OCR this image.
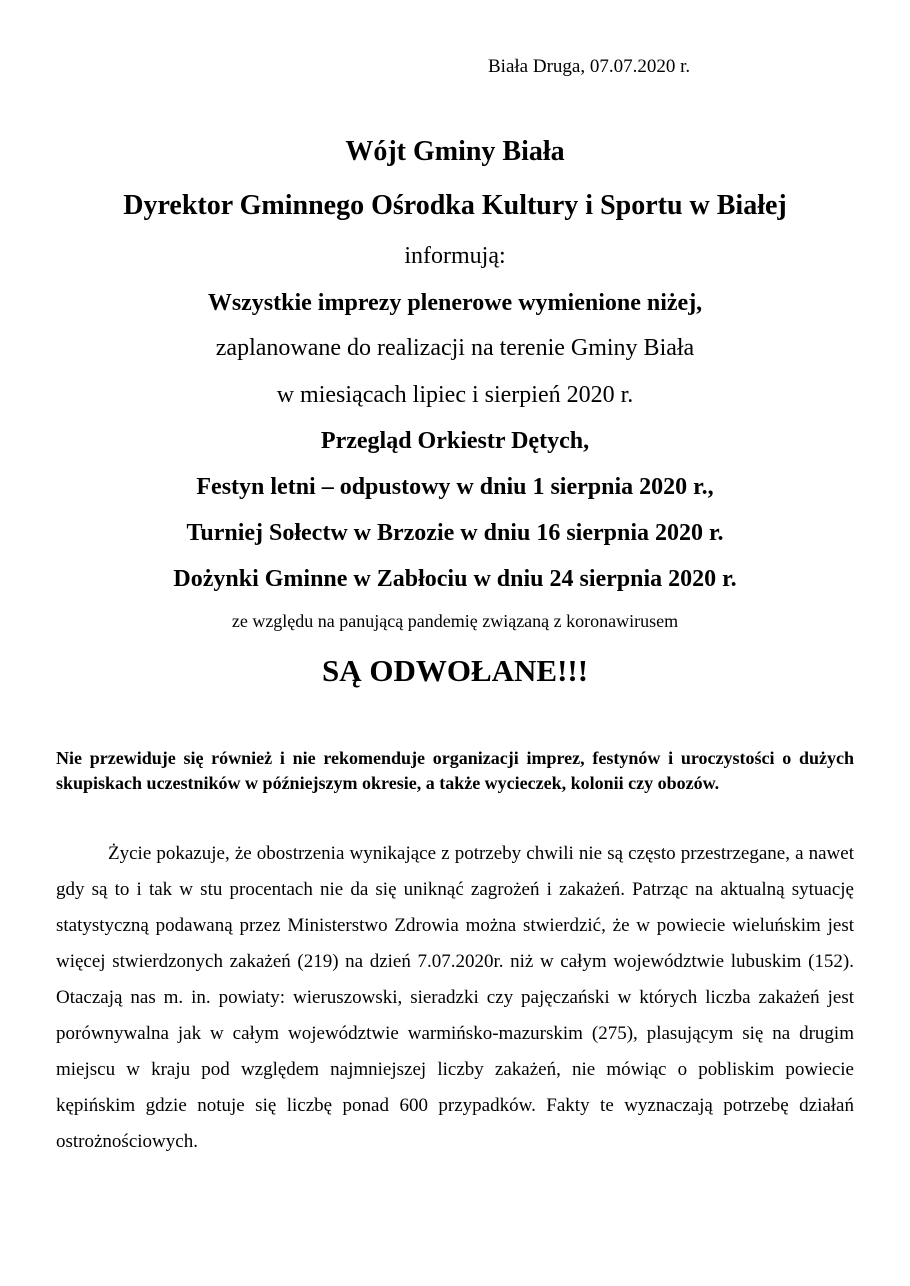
Biała Druga, 07.07.2020 r.
Wójt Gminy Biała
Dyrektor Gminnego Ośrodka Kultury i Sportu w Białej
informują:
Wszystkie imprezy plenerowe wymienione niżej,
zaplanowane do realizacji na terenie Gminy Biała
w miesiącach lipiec i sierpień 2020 r.
Przegląd Orkiestr Dętych,
Festyn letni – odpustowy w dniu 1 sierpnia 2020 r.,
Turniej Sołectw w Brzozie w dniu 16 sierpnia 2020 r.
Dożynki Gminne w Zabłociu w dniu 24 sierpnia 2020 r.
ze względu na panującą pandemię związaną z koronawirusem
SĄ ODWOŁANE!!!
Nie przewiduje się również i nie rekomenduje organizacji imprez, festynów i uroczystości o dużych skupiskach uczestników w późniejszym okresie, a także wycieczek, kolonii czy obozów.
Życie pokazuje, że obostrzenia wynikające z potrzeby chwili nie są często przestrzegane, a nawet gdy są to i tak w stu procentach nie da się uniknąć zagrożeń i zakażeń. Patrząc na aktualną sytuację statystyczną podawaną przez Ministerstwo Zdrowia można stwierdzić, że w powiecie wieluńskim jest więcej stwierdzonych zakażeń (219) na dzień 7.07.2020r. niż w całym województwie lubuskim (152). Otaczają nas m. in. powiaty: wieruszowski, sieradzki czy pajęczański w których liczba zakażeń jest porównywalna jak w całym województwie warmińsko-mazurskim (275), plasującym się na drugim miejscu w kraju pod względem najmniejszej liczby zakażeń, nie mówiąc o pobliskim powiecie kępińskim gdzie notuje się liczbę ponad 600 przypadków. Fakty te wyznaczają potrzebę działań ostrożnościowych.
